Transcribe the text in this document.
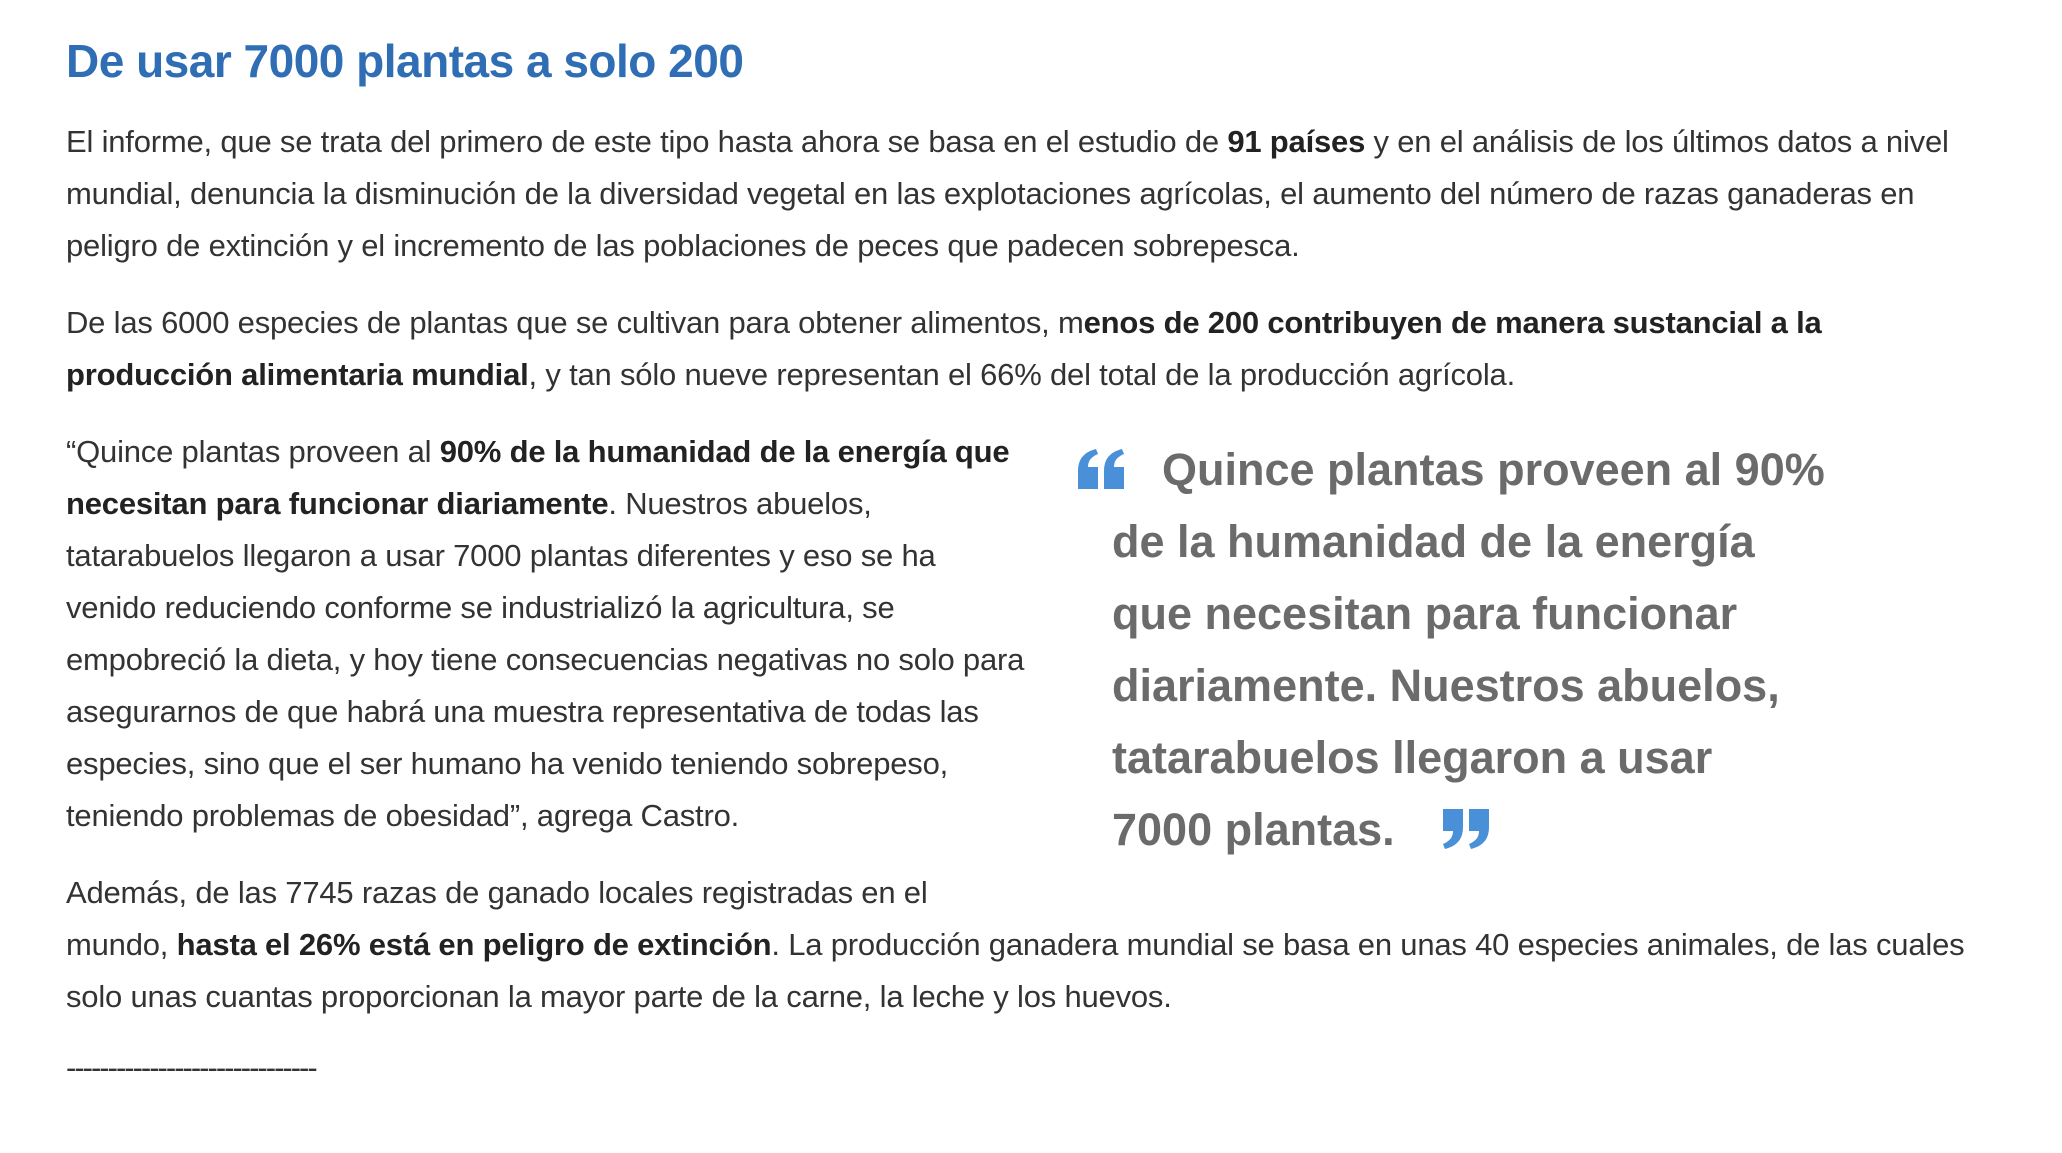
De usar 7000 plantas a solo 200

El informe, que se trata del primero de este tipo hasta ahora se basa en el estudio de 91 países y en el análisis de los últimos datos a nivel mundial, denuncia la disminución de la diversidad vegetal en las explotaciones agrícolas, el aumento del número de razas ganaderas en peligro de extinción y el incremento de las poblaciones de peces que padecen sobrepesca.

De las 6000 especies de plantas que se cultivan para obtener alimentos, menos de 200 contribuyen de manera sustancial a la producción alimentaria mundial, y tan sólo nueve representan el 66% del total de la producción agrícola.

Quince plantas proveen al 90%
de la humanidad de la energía
que necesitan para funcionar
diariamente. Nuestros abuelos,
tatarabuelos llegaron a usar
7000 plantas.

“Quince plantas proveen al 90% de la humanidad de la energía que necesitan para funcionar diariamente. Nuestros abuelos, tatarabuelos llegaron a usar 7000 plantas diferentes y eso se ha venido reduciendo conforme se industrializó la agricultura, se empobreció la dieta, y hoy tiene consecuencias negativas no solo para asegurarnos de que habrá una muestra representativa de todas las especies, sino que el ser humano ha venido teniendo sobrepeso, teniendo problemas de obesidad”, agrega Castro.

Además, de las 7745 razas de ganado locales registradas en el mundo, hasta el 26% está en peligro de extinción. La producción ganadera mundial se basa en unas 40 especies animales, de las cuales solo unas cuantas proporcionan la mayor parte de la carne, la leche y los huevos.

------------------------------
